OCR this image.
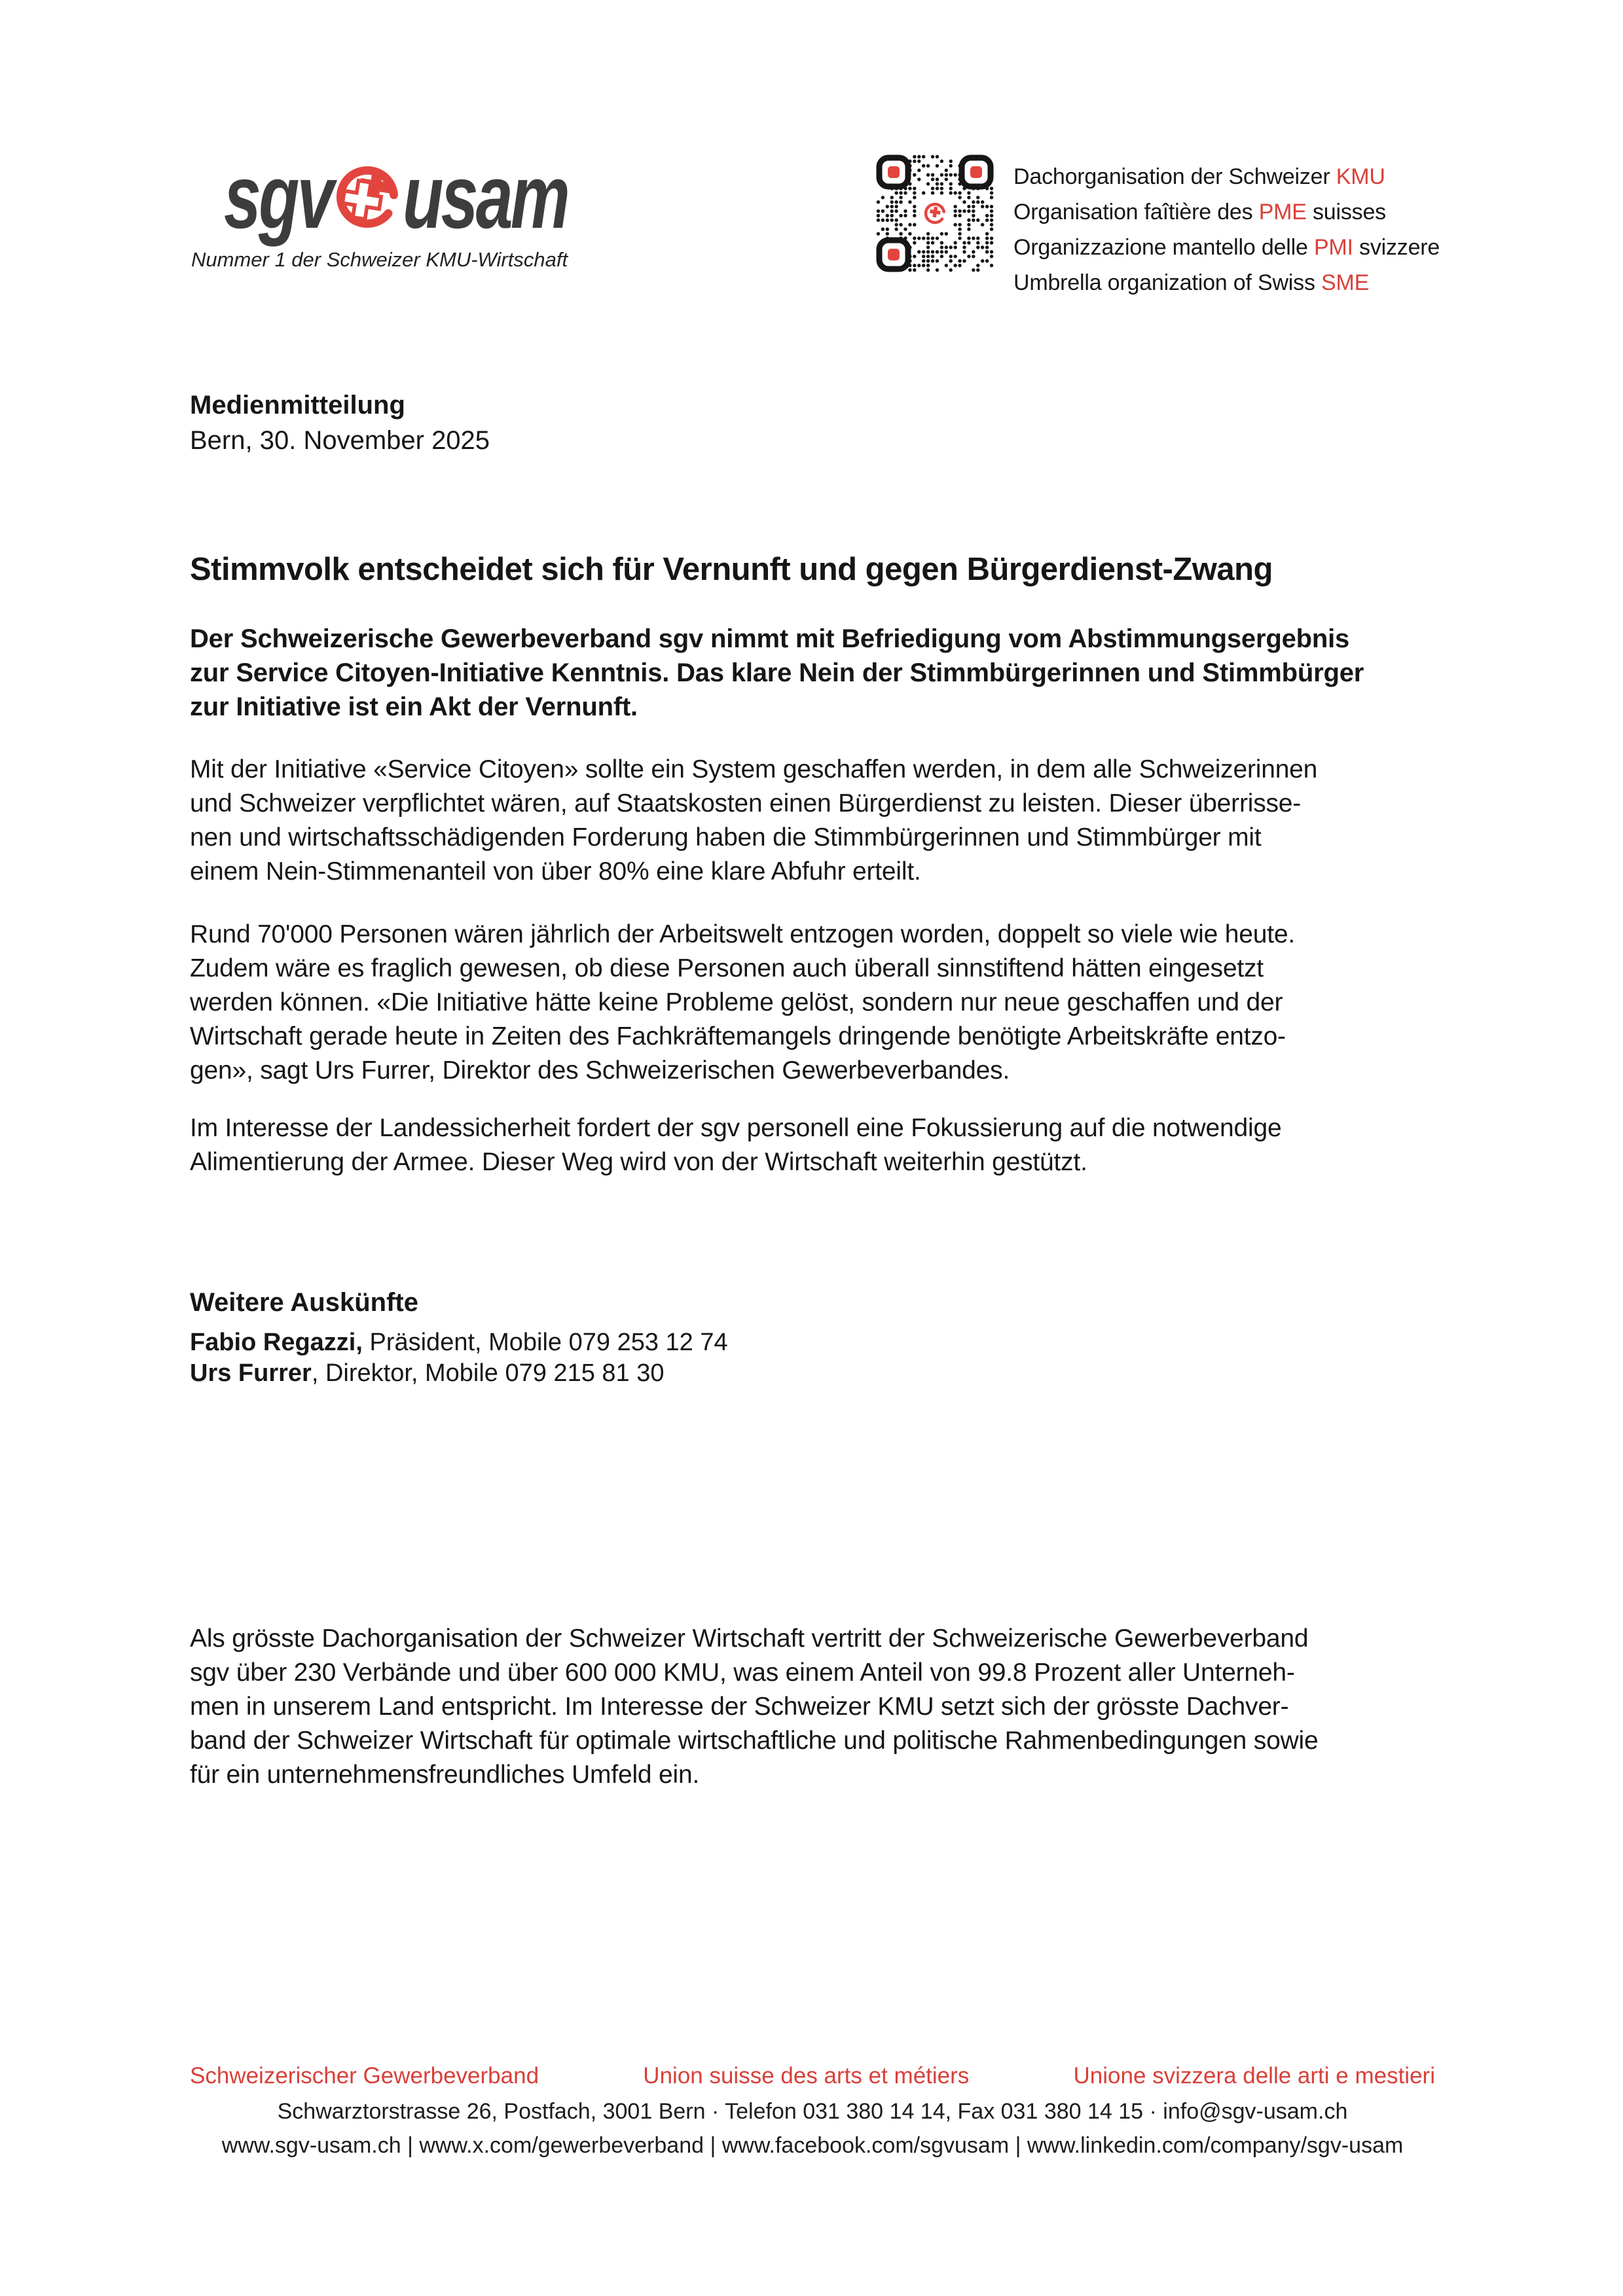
sgv usam
Nummer 1 der Schweizer KMU-Wirtschaft
Dachorganisation der Schweizer KMU
Organisation faîtière des PME suisses
Organizzazione mantello delle PMI svizzere
Umbrella organization of Swiss SME
Medienmitteilung
Bern, 30. November 2025
Stimmvolk entscheidet sich für Vernunft und gegen Bürgerdienst-Zwang
Der Schweizerische Gewerbeverband sgv nimmt mit Befriedigung vom Abstimmungsergebnis
zur Service Citoyen-Initiative Kenntnis. Das klare Nein der Stimmbürgerinnen und Stimmbürger
zur Initiative ist ein Akt der Vernunft.
Mit der Initiative «Service Citoyen» sollte ein System geschaffen werden, in dem alle Schweizerinnen
und Schweizer verpflichtet wären, auf Staatskosten einen Bürgerdienst zu leisten. Dieser überrisse-
nen und wirtschaftsschädigenden Forderung haben die Stimmbürgerinnen und Stimmbürger mit
einem Nein-Stimmenanteil von über 80% eine klare Abfuhr erteilt.
Rund 70'000 Personen wären jährlich der Arbeitswelt entzogen worden, doppelt so viele wie heute.
Zudem wäre es fraglich gewesen, ob diese Personen auch überall sinnstiftend hätten eingesetzt
werden können. «Die Initiative hätte keine Probleme gelöst, sondern nur neue geschaffen und der
Wirtschaft gerade heute in Zeiten des Fachkräftemangels dringende benötigte Arbeitskräfte entzo-
gen», sagt Urs Furrer, Direktor des Schweizerischen Gewerbeverbandes.
Im Interesse der Landessicherheit fordert der sgv personell eine Fokussierung auf die notwendige
Alimentierung der Armee. Dieser Weg wird von der Wirtschaft weiterhin gestützt.
Weitere Auskünfte
Fabio Regazzi, Präsident, Mobile 079 253 12 74
Urs Furrer, Direktor, Mobile 079 215 81 30
Als grösste Dachorganisation der Schweizer Wirtschaft vertritt der Schweizerische Gewerbeverband
sgv über 230 Verbände und über 600 000 KMU, was einem Anteil von 99.8 Prozent aller Unterneh-
men in unserem Land entspricht. Im Interesse der Schweizer KMU setzt sich der grösste Dachver-
band der Schweizer Wirtschaft für optimale wirtschaftliche und politische Rahmenbedingungen sowie
für ein unternehmensfreundliches Umfeld ein.
Schweizerischer Gewerbeverband	Union suisse des arts et métiers	Unione svizzera delle arti e mestieri
Schwarztorstrasse 26, Postfach, 3001 Bern · Telefon 031 380 14 14, Fax 031 380 14 15 · info@sgv-usam.ch
www.sgv-usam.ch | www.x.com/gewerbeverband | www.facebook.com/sgvusam | www.linkedin.com/company/sgv-usam
